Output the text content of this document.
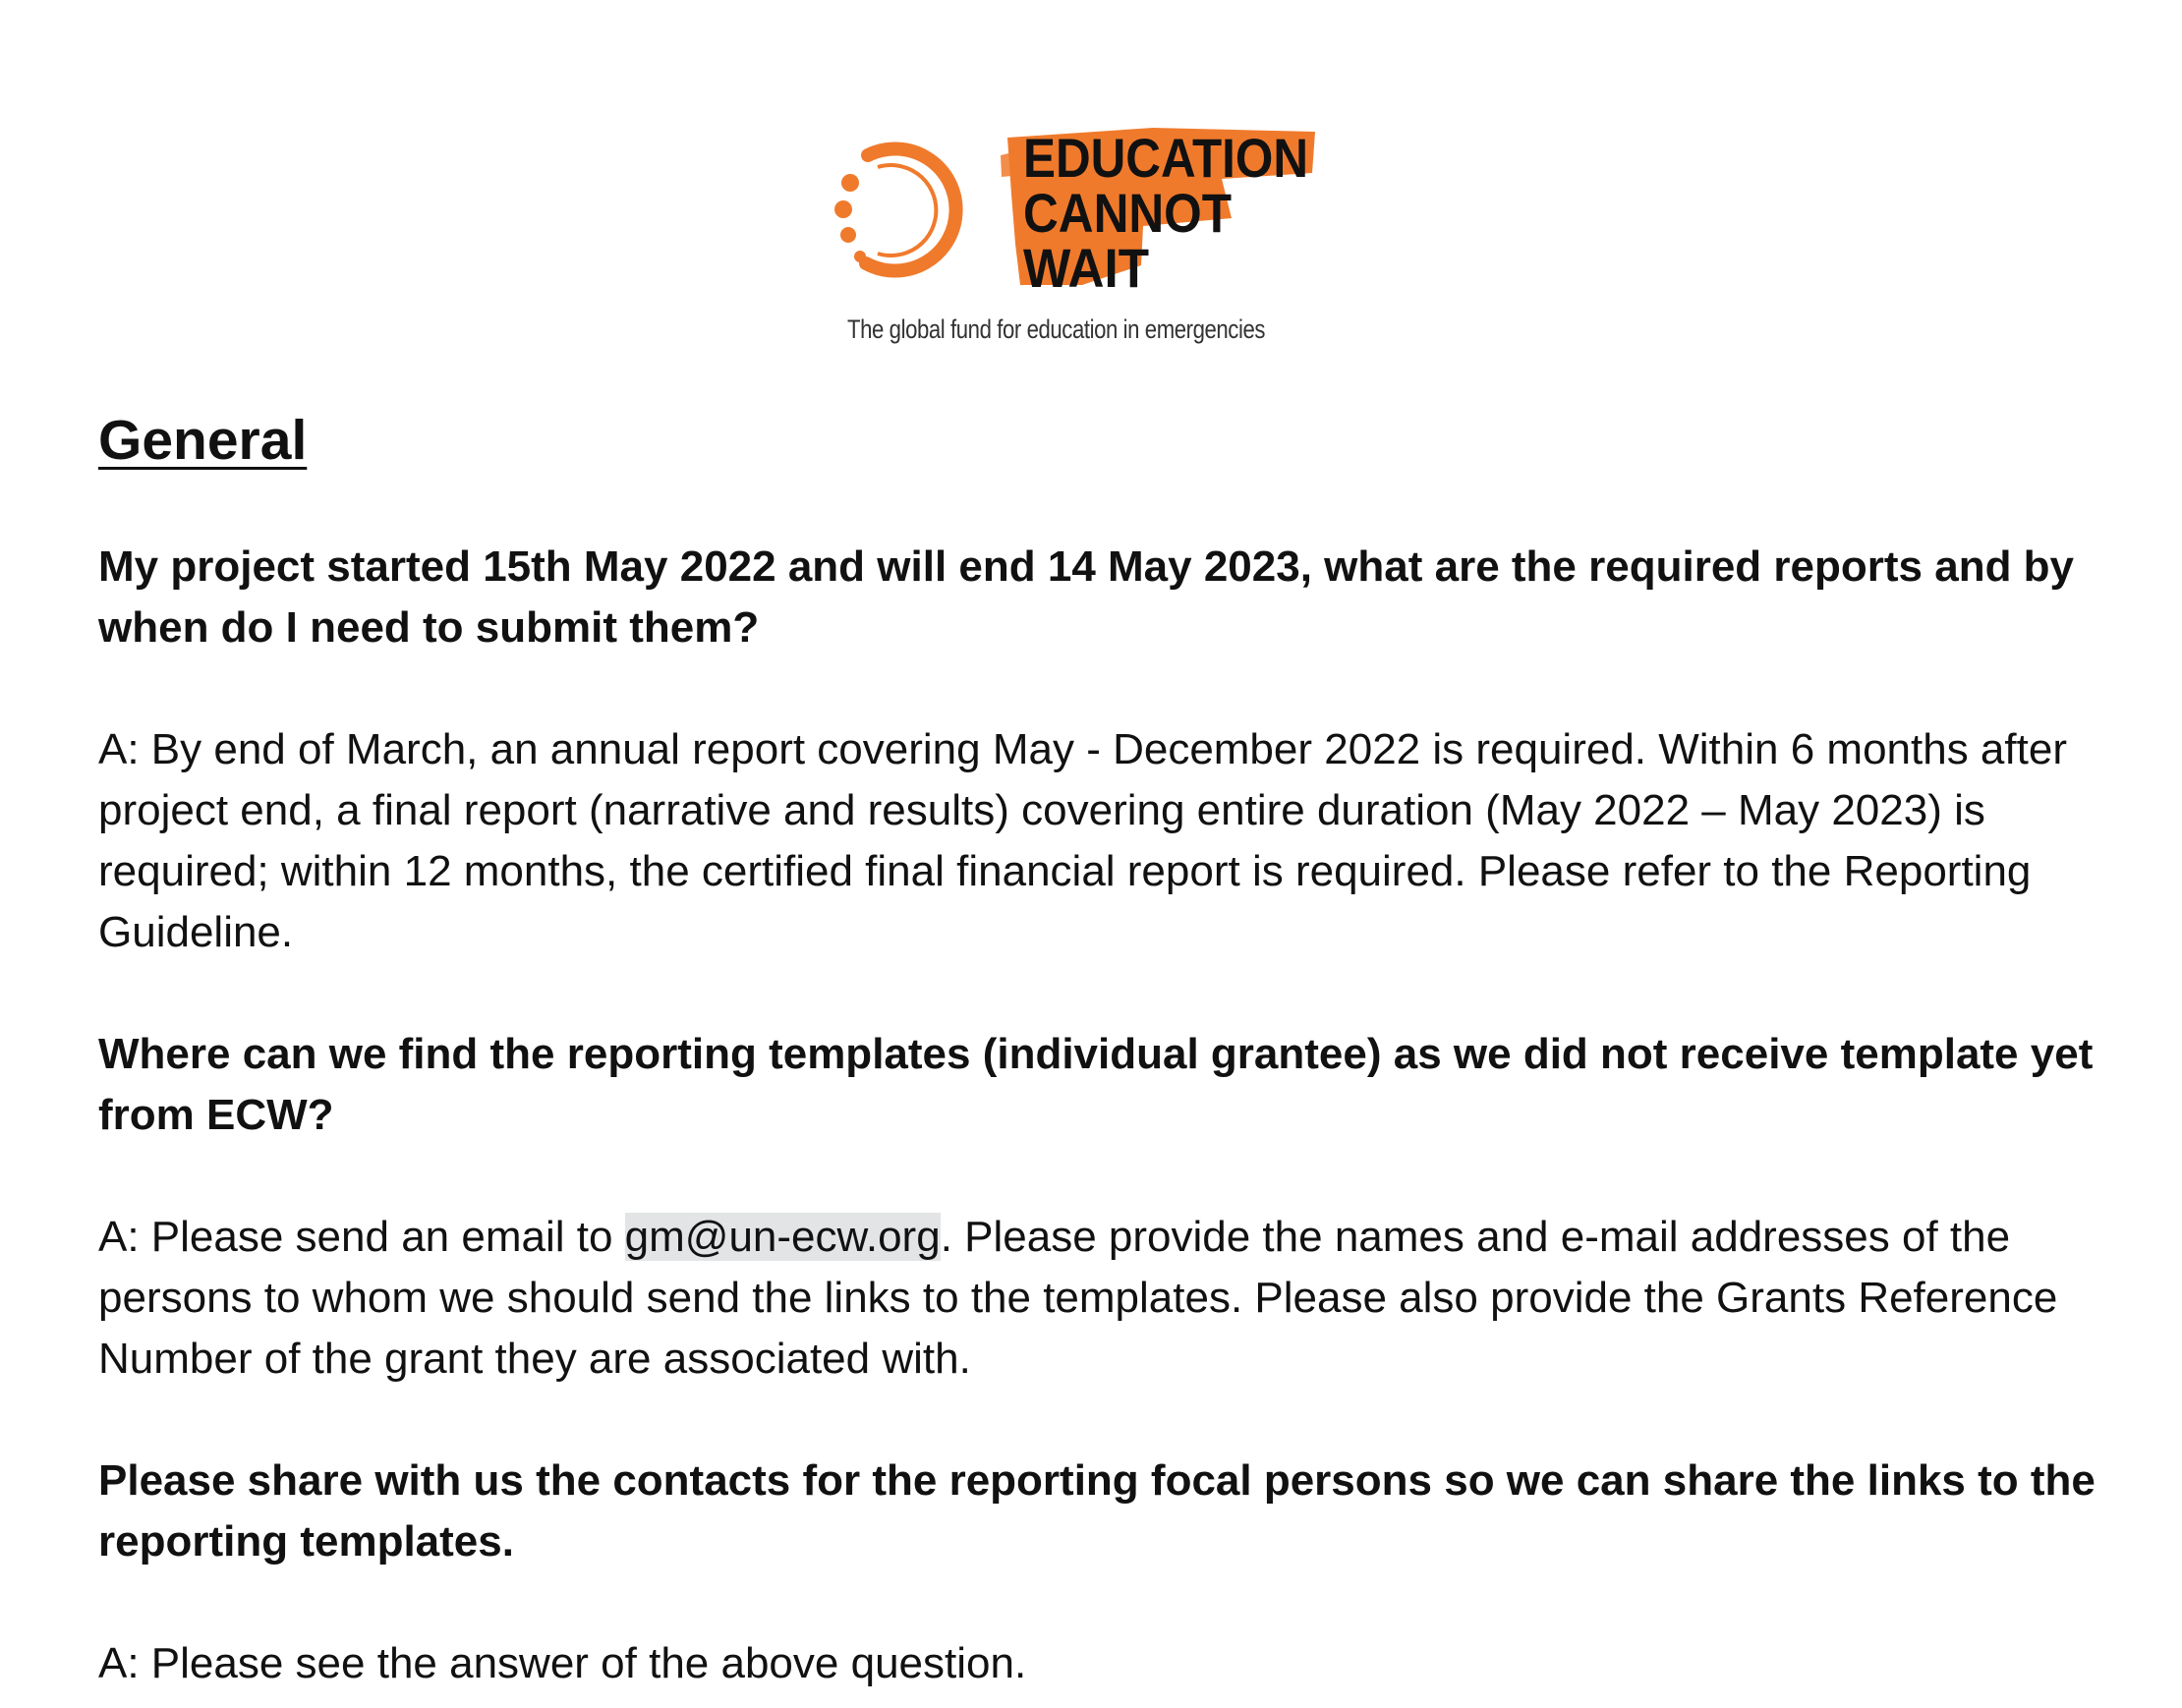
EDUCATION
CANNOT
WAIT
The global fund for education in emergencies
General

My project started 15th May 2022 and will end 14 May 2023, what are the required reports and by when do I need to submit them?

A: By end of March, an annual report covering May - December 2022 is required. Within 6 months after project end, a final report (narrative and results) covering entire duration (May 2022 – May 2023) is required; within 12 months, the certified final financial report is required. Please refer to the Reporting Guideline.

Where can we find the reporting templates (individual grantee) as we did not receive template yet from ECW?

A: Please send an email to gm@un-ecw.org. Please provide the names and e-mail addresses of the persons to whom we should send the links to the templates. Please also provide the Grants Reference Number of the grant they are associated with.

Please share with us the contacts for the reporting focal persons so we can share the links to the reporting templates.

A: Please see the answer of the above question.
